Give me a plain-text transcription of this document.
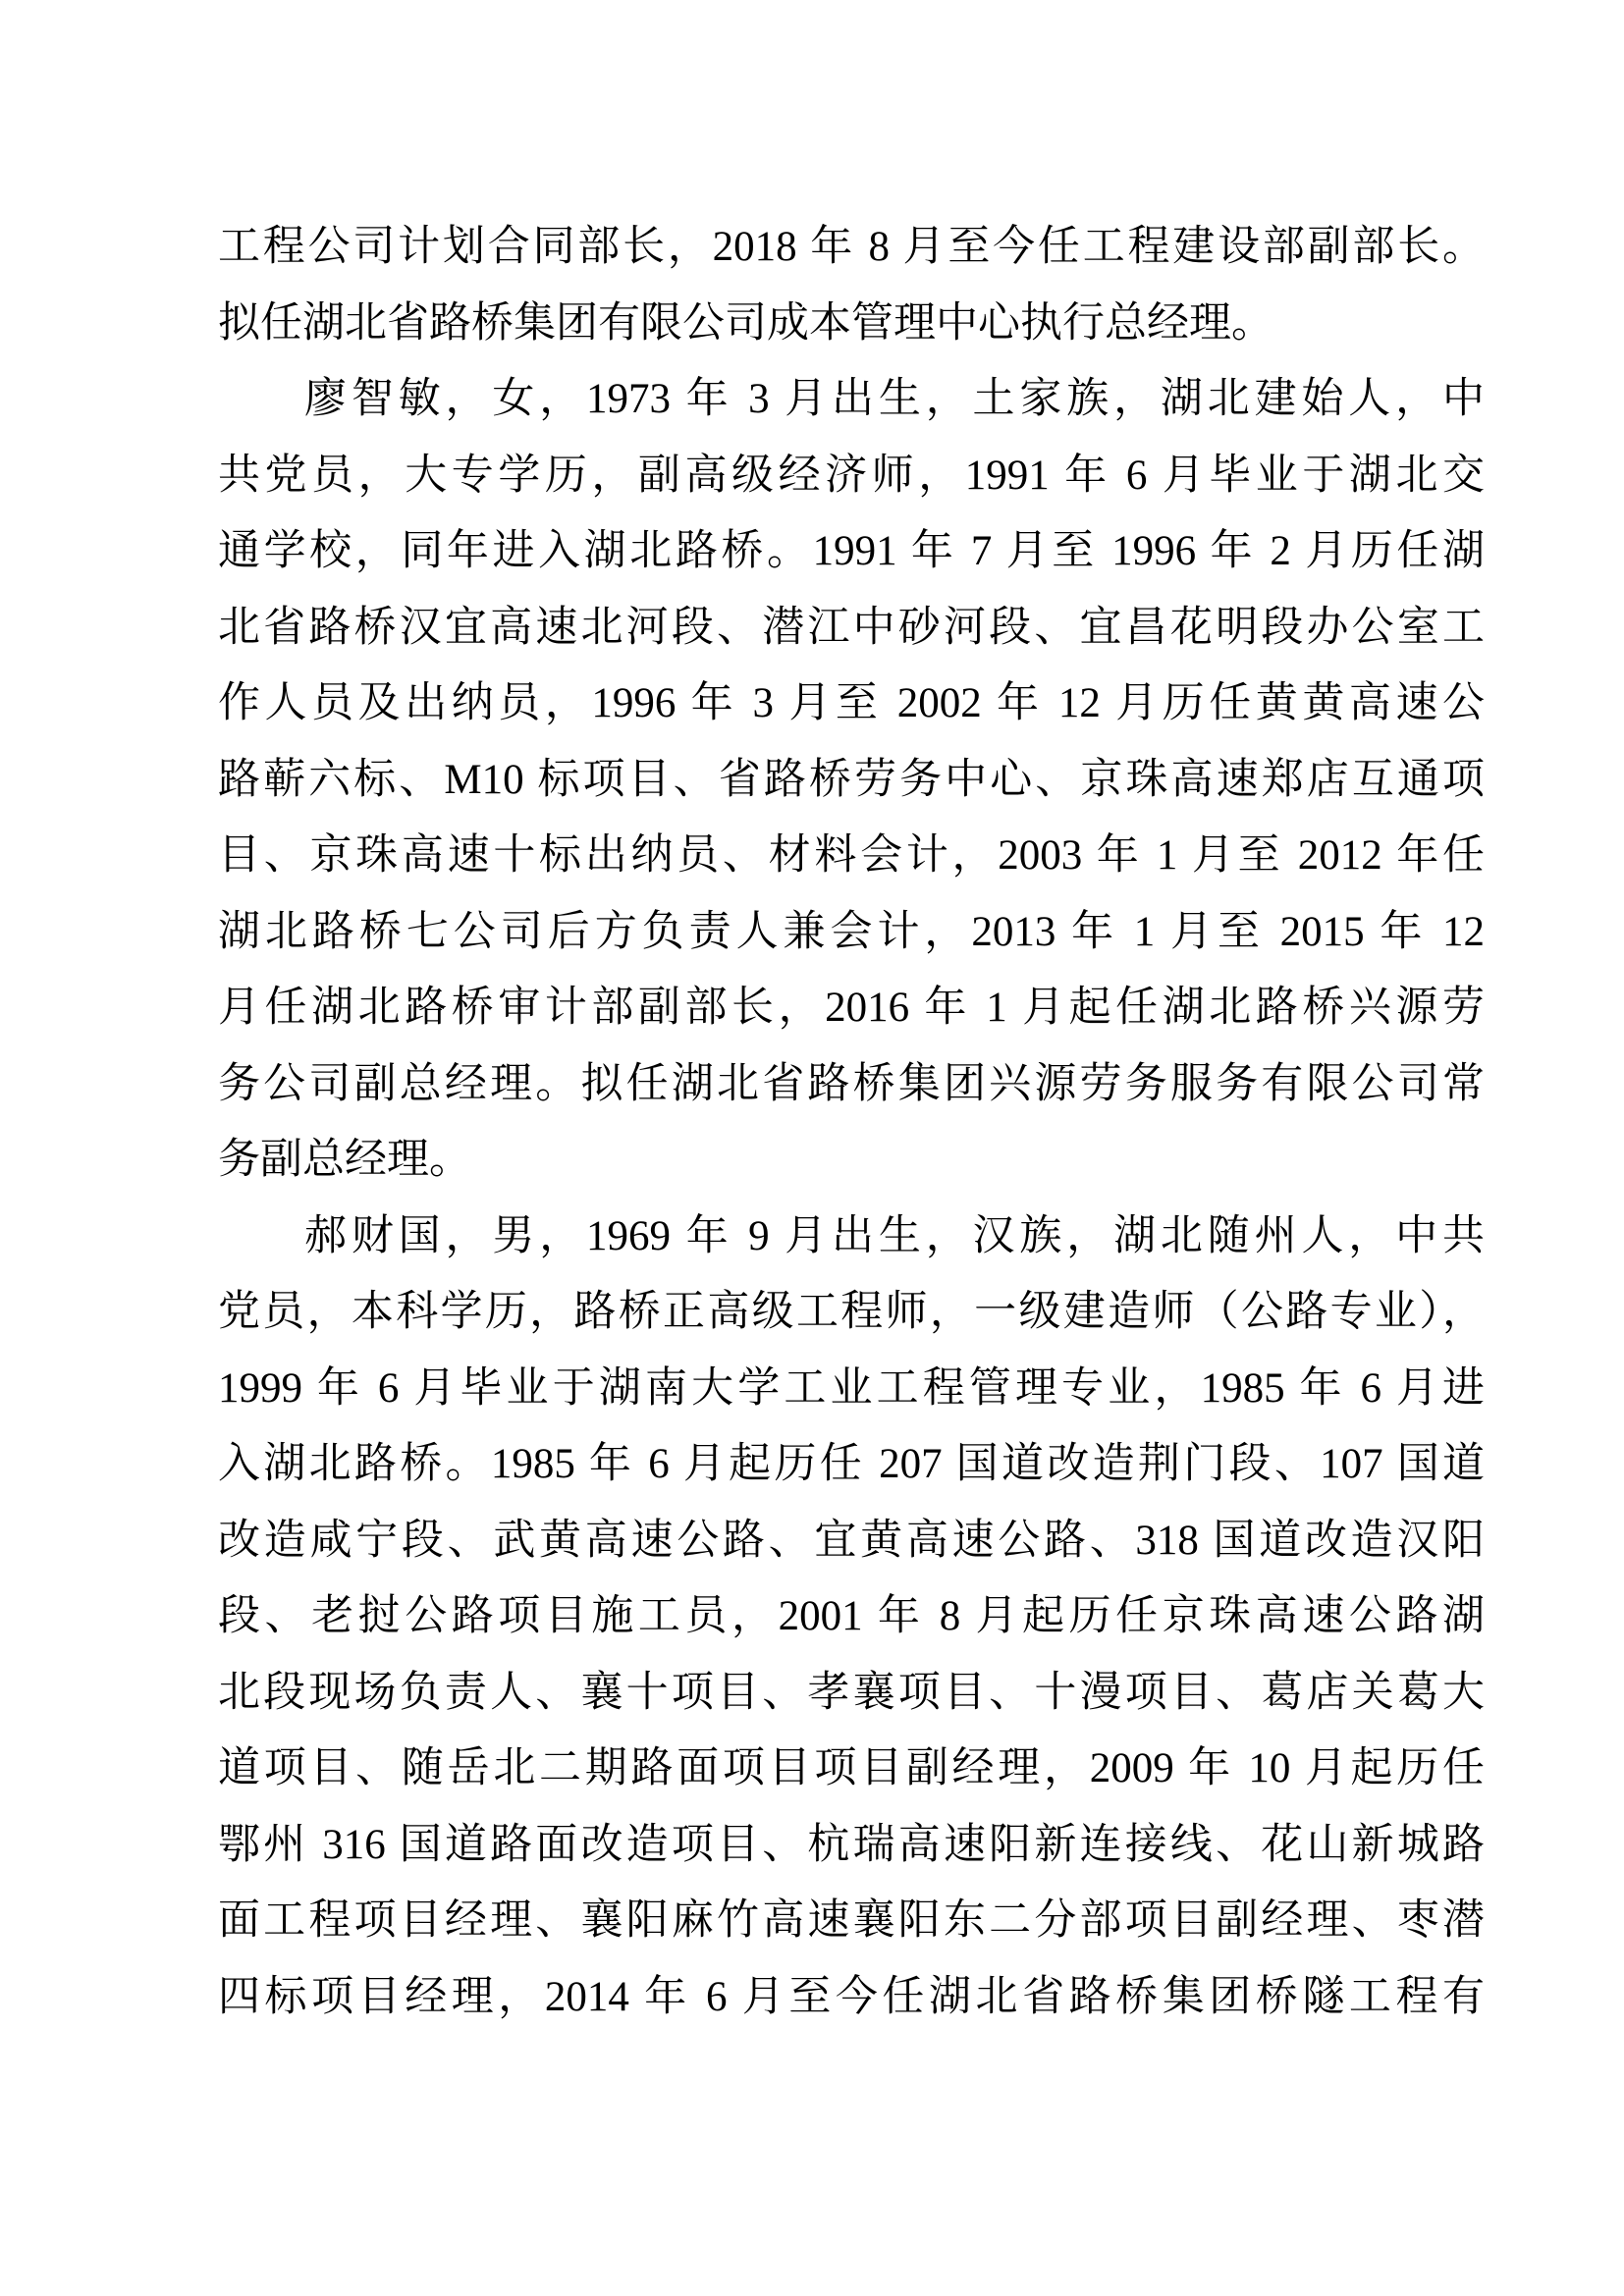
工程公司计划合同部长，2018 年 8 月至今任工程建设部副部长。
拟任湖北省路桥集团有限公司成本管理中心执行总经理。
廖智敏，女，1973 年 3 月出生，土家族，湖北建始人，中
共党员，大专学历，副高级经济师，1991 年 6 月毕业于湖北交
通学校，同年进入湖北路桥。1991 年 7 月至 1996 年 2 月历任湖
北省路桥汉宜高速北河段、潜江中砂河段、宜昌花明段办公室工
作人员及出纳员，1996 年 3 月至 2002 年 12 月历任黄黄高速公
路蕲六标、M10 标项目、省路桥劳务中心、京珠高速郑店互通项
目、京珠高速十标出纳员、材料会计，2003 年 1 月至 2012 年任
湖北路桥七公司后方负责人兼会计，2013 年 1 月至 2015 年 12
月任湖北路桥审计部副部长，2016 年 1 月起任湖北路桥兴源劳
务公司副总经理。拟任湖北省路桥集团兴源劳务服务有限公司常
务副总经理。
郝财国，男，1969 年 9 月出生，汉族，湖北随州人，中共
党员，本科学历，路桥正高级工程师，一级建造师（公路专业），
1999 年 6 月毕业于湖南大学工业工程管理专业，1985 年 6 月进
入湖北路桥。1985 年 6 月起历任 207 国道改造荆门段、107 国道
改造咸宁段、武黄高速公路、宜黄高速公路、318 国道改造汉阳
段、老挝公路项目施工员，2001 年 8 月起历任京珠高速公路湖
北段现场负责人、襄十项目、孝襄项目、十漫项目、葛店关葛大
道项目、随岳北二期路面项目项目副经理，2009 年 10 月起历任
鄂州 316 国道路面改造项目、杭瑞高速阳新连接线、花山新城路
面工程项目经理、襄阳麻竹高速襄阳东二分部项目副经理、枣潜
四标项目经理，2014 年 6 月至今任湖北省路桥集团桥隧工程有
